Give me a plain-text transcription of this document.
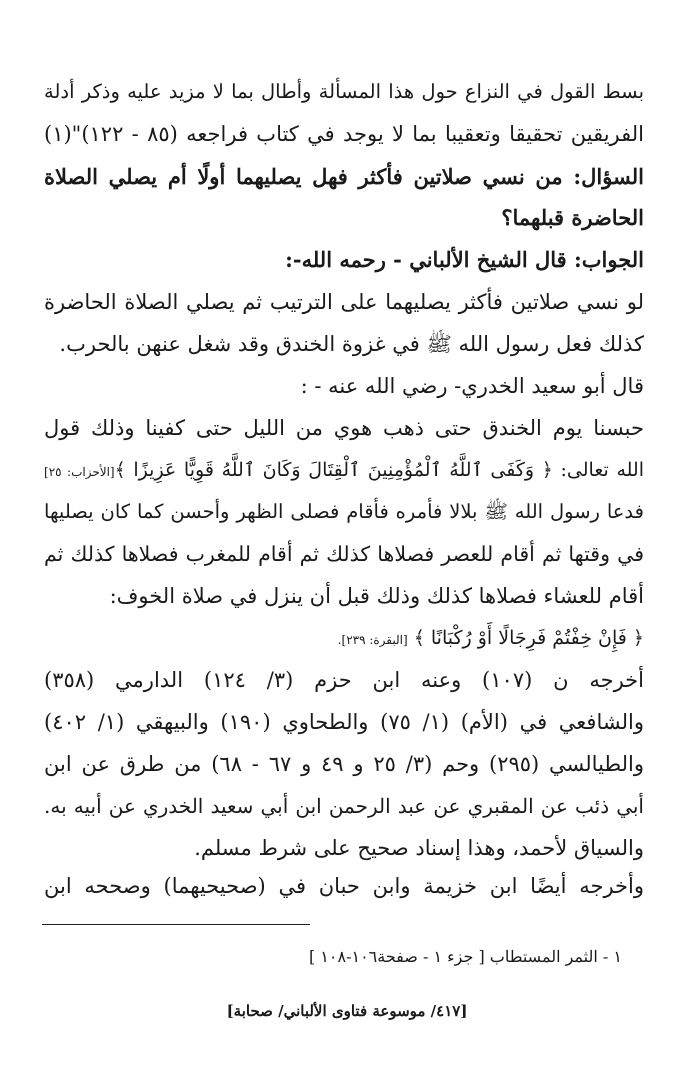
بسط القول في النزاع حول هذا المسألة وأطال بما لا مزيد عليه وذكر أدلة
الفريقين تحقيقا وتعقيبا بما لا يوجد في كتاب فراجعه (٨٥ - ١٢٢)"(١)
السؤال: من نسي صلاتين فأكثر فهل يصليهما أولًا أم يصلي الصلاة
الحاضرة قبلهما؟
الجواب: قال الشيخ الألباني - رحمه الله-:
لو نسي صلاتين فأكثر يصليهما على الترتيب ثم يصلي الصلاة الحاضرة
كذلك فعل رسول الله ﷺ في غزوة الخندق وقد شغل عنهن بالحرب.
قال أبو سعيد الخدري- رضي الله عنه - :
حبسنا يوم الخندق حتى ذهب هوي من الليل حتى كفينا وذلك قول
الله تعالى: ﴿ وَكَفَى ٱللَّهُ ٱلْمُؤْمِنِينَ ٱلْقِتَالَ وَكَانَ ٱللَّهُ قَوِيًّا عَزِيزًا ﴾[الأحزاب: ٢٥]
فدعا رسول الله ﷺ بلالا فأمره فأقام فصلى الظهر وأحسن كما كان يصليها
في وقتها ثم أقام للعصر فصلاها كذلك ثم أقام للمغرب فصلاها كذلك ثم
أقام للعشاء فصلاها كذلك وذلك قبل أن ينزل في صلاة الخوف:
﴿ فَإِنْ خِفْتُمْ فَرِجَالًا أَوْ رُكْبَانًا ﴾ [البقرة: ٢٣٩].
أخرجه ن (١٠٧) وعنه ابن حزم (٣/ ١٢٤) الدارمي (٣٥٨)
والشافعي في (الأم) (١/ ٧٥) والطحاوي (١٩٠) والبيهقي (١/ ٤٠٢)
والطيالسي (٢٩٥) وحم (٣/ ٢٥ و ٤٩ و ٦٧ - ٦٨) من طرق عن ابن
أبي ذئب عن المقبري عن عبد الرحمن ابن أبي سعيد الخدري عن أبيه به.
والسياق لأحمد، وهذا إسناد صحيح على شرط مسلم.
وأخرجه أيضًا ابن خزيمة وابن حبان في (صحيحيهما) وصححه ابن
١ - الثمر المستطاب [ جزء ١ - صفحة١٠٦-١٠٨ ]
[٤١٧/ موسوعة فتاوى الألباني/ صحابة]
